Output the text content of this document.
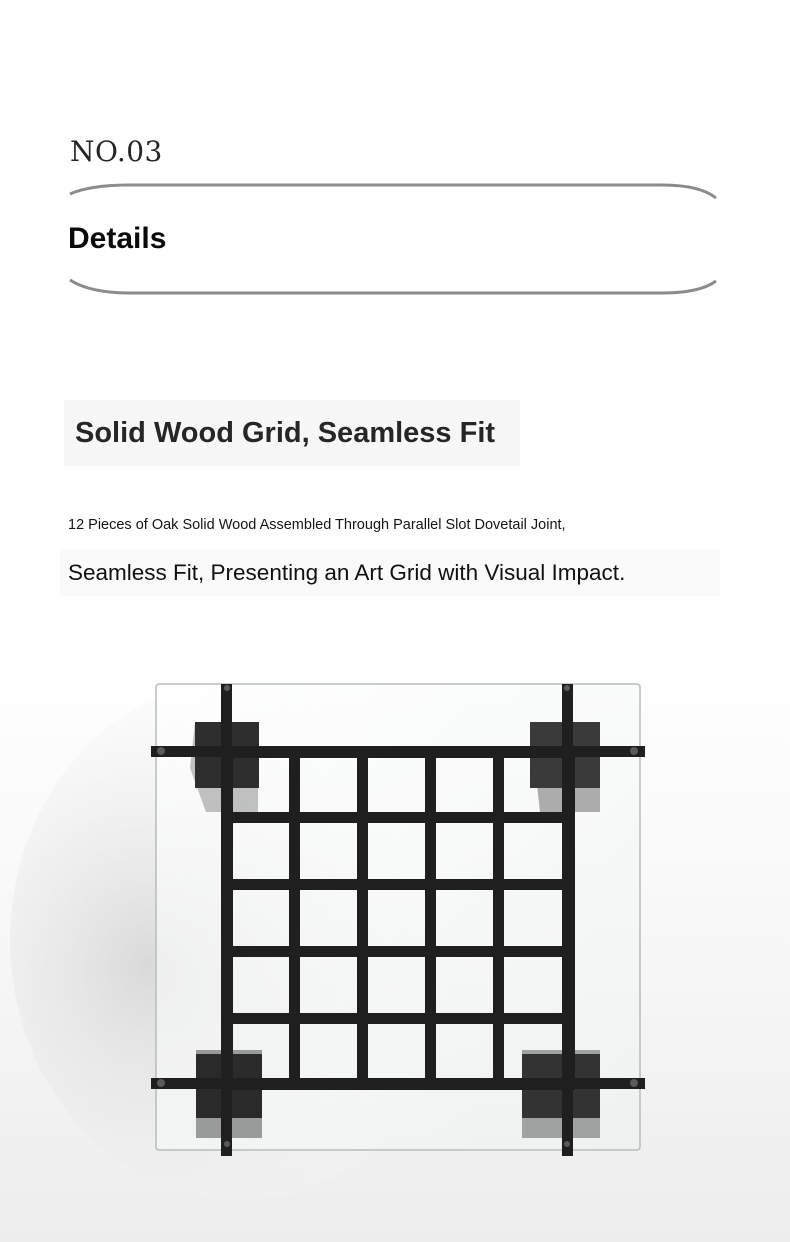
NO.03
Details
Solid Wood Grid, Seamless Fit
12 Pieces of Oak Solid Wood Assembled Through Parallel Slot Dovetail Joint,
Seamless Fit, Presenting an Art Grid with Visual Impact.
